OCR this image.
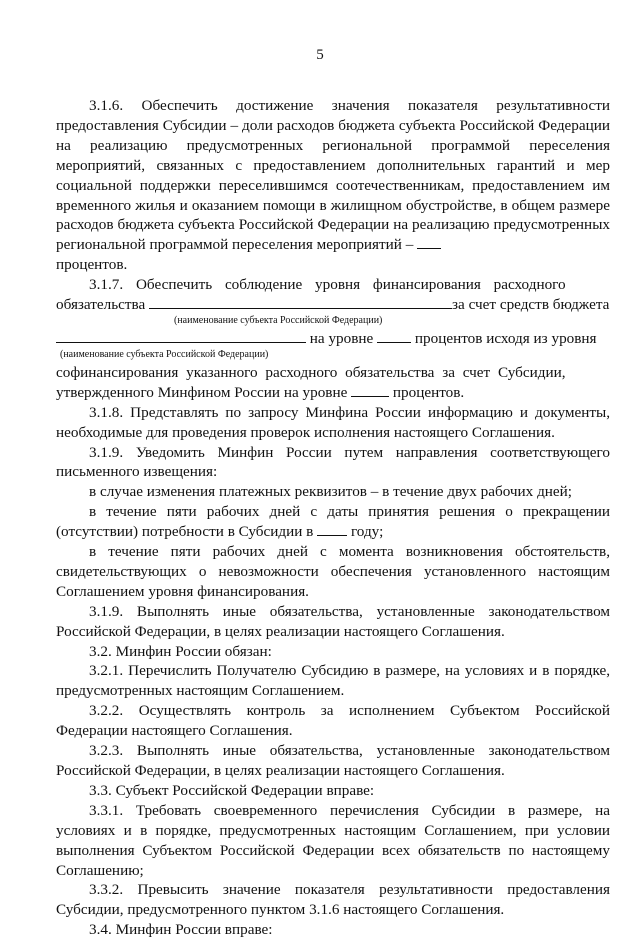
5

3.1.6. Обеспечить достижение значения показателя результативности предоставления Субсидии – доли расходов бюджета субъекта Российской Федерации на реализацию предусмотренных региональной программой переселения мероприятий, связанных с предоставлением дополнительных гарантий и мер социальной поддержки переселившимся соотечественникам, предоставлением им временного жилья и оказанием помощи в жилищном обустройстве, в общем размере расходов бюджета субъекта Российской Федерации на реализацию предусмотренных региональной программой переселения мероприятий –

процентов.

3.1.7. Обеспечить соблюдение уровня финансирования расходного

обязательства	за счет средств бюджета

(наименование субъекта Российской Федерации)

на уровне	процентов исходя из уровня

(наименование субъекта Российской Федерации)

софинансирования указанного расходного обязательства за счет Субсидии,

утвержденного Минфином России на уровне	процентов.

3.1.8. Представлять по запросу Минфина России информацию и документы, необходимые для проведения проверок исполнения настоящего Соглашения.

3.1.9. Уведомить Минфин России путем направления соответствующего письменного извещения:

в случае изменения платежных реквизитов – в течение двух рабочих дней;

в течение пяти рабочих дней с даты принятия решения о прекращении (отсутствии) потребности в Субсидии в году;

в течение пяти рабочих дней с момента возникновения обстоятельств, свидетельствующих о невозможности обеспечения установленного настоящим Соглашением уровня финансирования.

3.1.9. Выполнять иные обязательства, установленные законодательством Российской Федерации, в целях реализации настоящего Соглашения.

3.2. Минфин России обязан:

3.2.1. Перечислить Получателю Субсидию в размере, на условиях и в порядке, предусмотренных настоящим Соглашением.

3.2.2. Осуществлять контроль за исполнением Субъектом Российской Федерации настоящего Соглашения.

3.2.3. Выполнять иные обязательства, установленные законодательством Российской Федерации, в целях реализации настоящего Соглашения.

3.3. Субъект Российской Федерации вправе:

3.3.1. Требовать своевременного перечисления Субсидии в размере, на условиях и в порядке, предусмотренных настоящим Соглашением, при условии выполнения Субъектом Российской Федерации всех обязательств по настоящему Соглашению;

3.3.2. Превысить значение показателя результативности предоставления Субсидии, предусмотренного пунктом 3.1.6 настоящего Соглашения.

3.4. Минфин России вправе:
